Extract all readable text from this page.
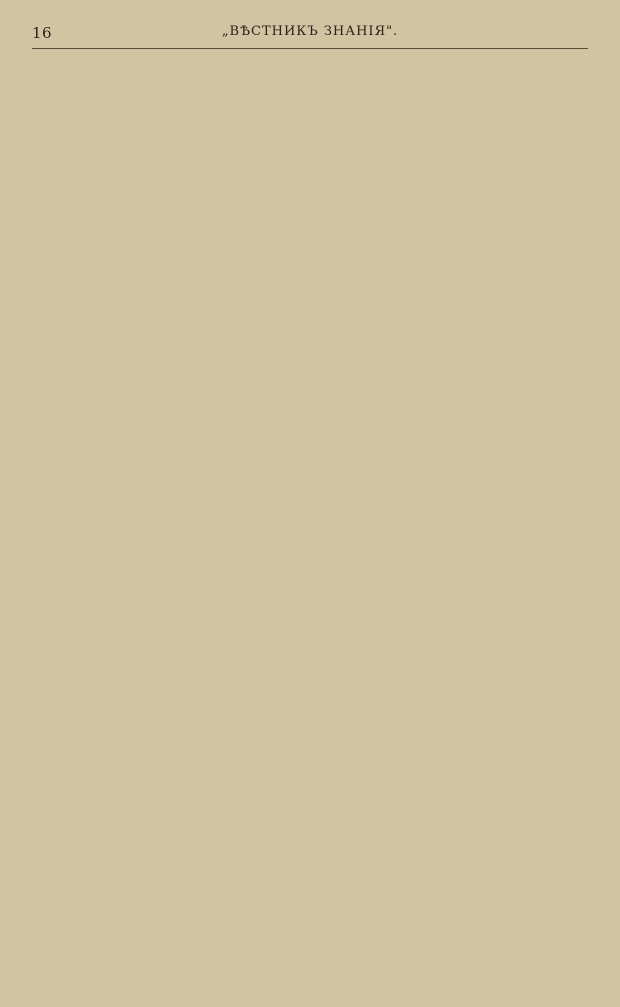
16	„ВѢСТНИКЪ ЗНАНІЯ".
